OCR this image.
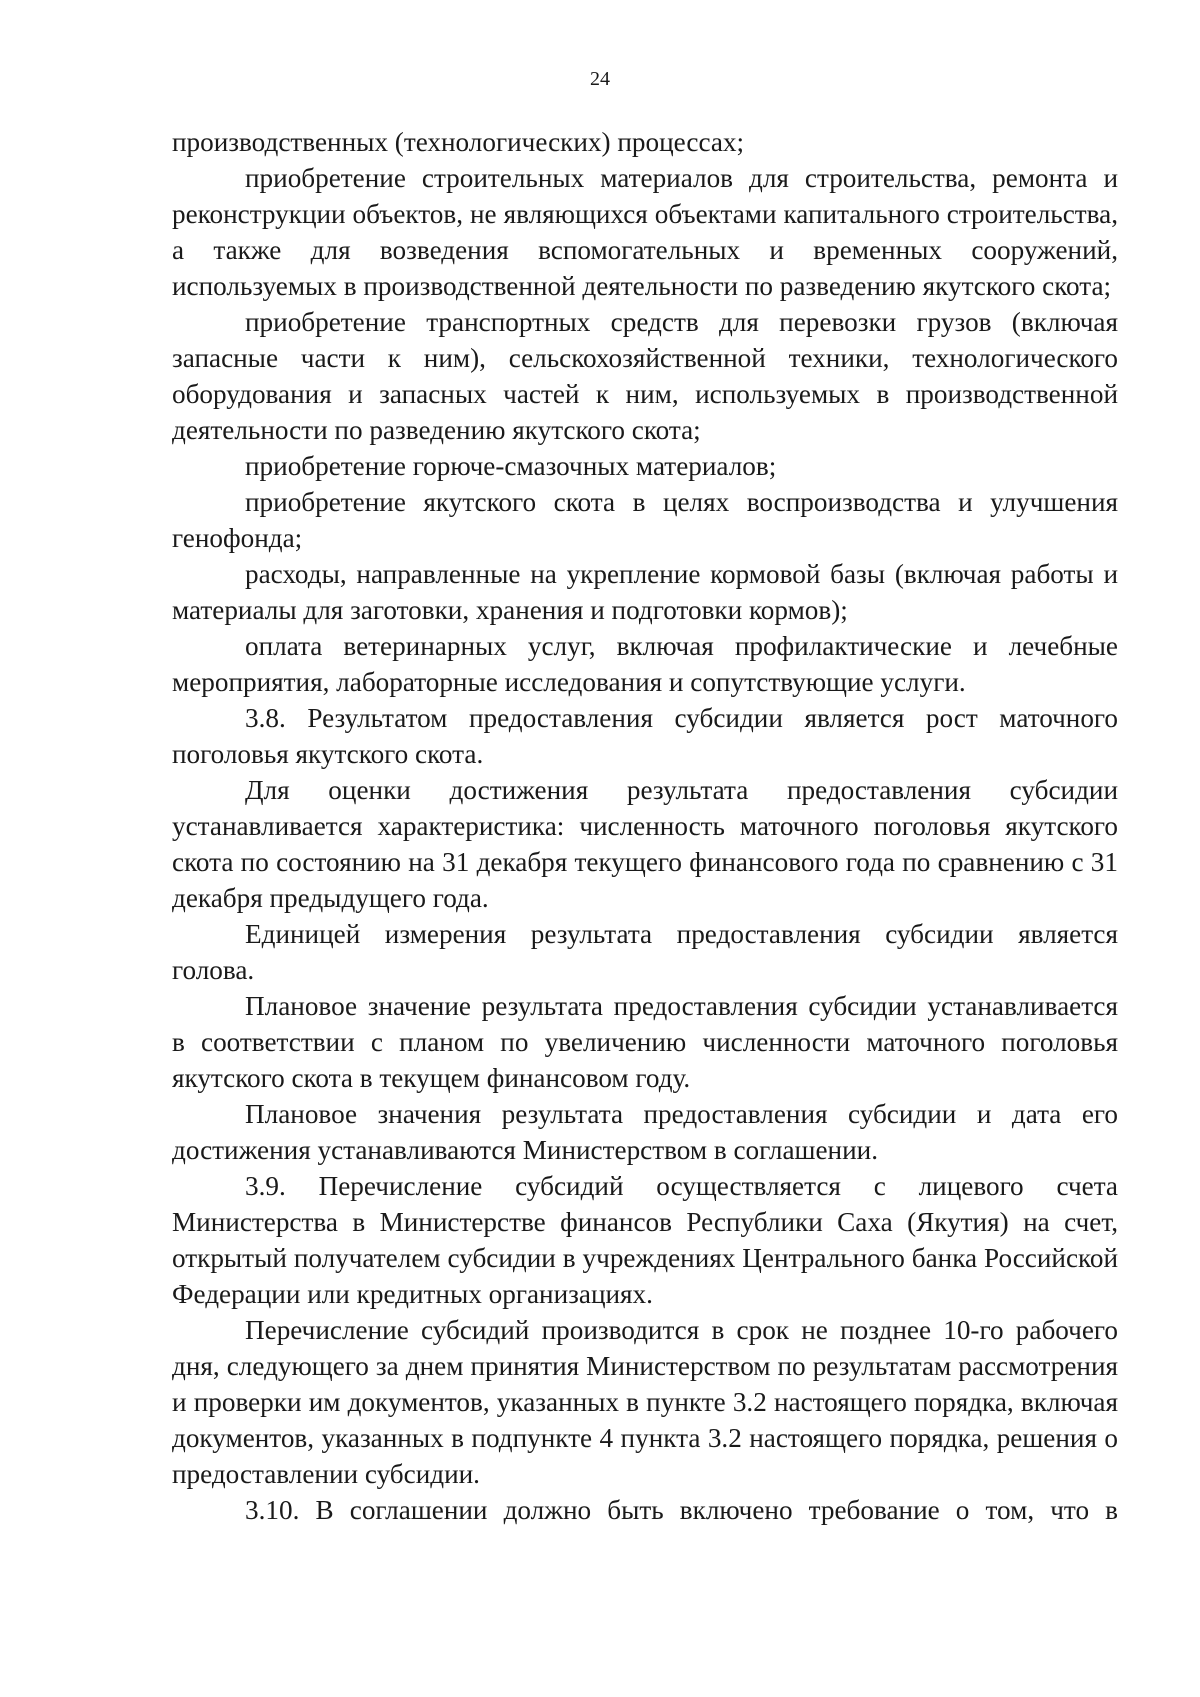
24

производственных (технологических) процессах;

приобретение строительных материалов для строительства, ремонта и реконструкции объектов, не являющихся объектами капитального строительства, а также для возведения вспомогательных и временных сооружений, используемых в производственной деятельности по разведению якутского скота;

приобретение транспортных средств для перевозки грузов (включая запасные части к ним), сельскохозяйственной техники, технологического оборудования и запасных частей к ним, используемых в производственной деятельности по разведению якутского скота;

приобретение горюче-смазочных материалов;

приобретение якутского скота в целях воспроизводства и улучшения генофонда;

расходы, направленные на укрепление кормовой базы (включая работы и материалы для заготовки, хранения и подготовки кормов);

оплата ветеринарных услуг, включая профилактические и лечебные мероприятия, лабораторные исследования и сопутствующие услуги.

3.8. Результатом предоставления субсидии является рост маточного поголовья якутского скота.

Для оценки достижения результата предоставления субсидии устанавливается характеристика: численность маточного поголовья якутского скота по состоянию на 31 декабря текущего финансового года по сравнению с 31 декабря предыдущего года.

Единицей измерения результата предоставления субсидии является голова.

Плановое значение результата предоставления субсидии устанавливается в соответствии с планом по увеличению численности маточного поголовья якутского скота в текущем финансовом году.

Плановое значения результата предоставления субсидии и дата его достижения устанавливаются Министерством в соглашении.

3.9. Перечисление субсидий осуществляется с лицевого счета Министерства в Министерстве финансов Республики Саха (Якутия) на счет, открытый получателем субсидии в учреждениях Центрального банка Российской Федерации или кредитных организациях.

Перечисление субсидий производится в срок не позднее 10-го рабочего дня, следующего за днем принятия Министерством по результатам рассмотрения и проверки им документов, указанных в пункте 3.2 настоящего порядка, включая документов, указанных в подпункте 4 пункта 3.2 настоящего порядка, решения о предоставлении субсидии.

3.10. В соглашении должно быть включено требование о том, что в
